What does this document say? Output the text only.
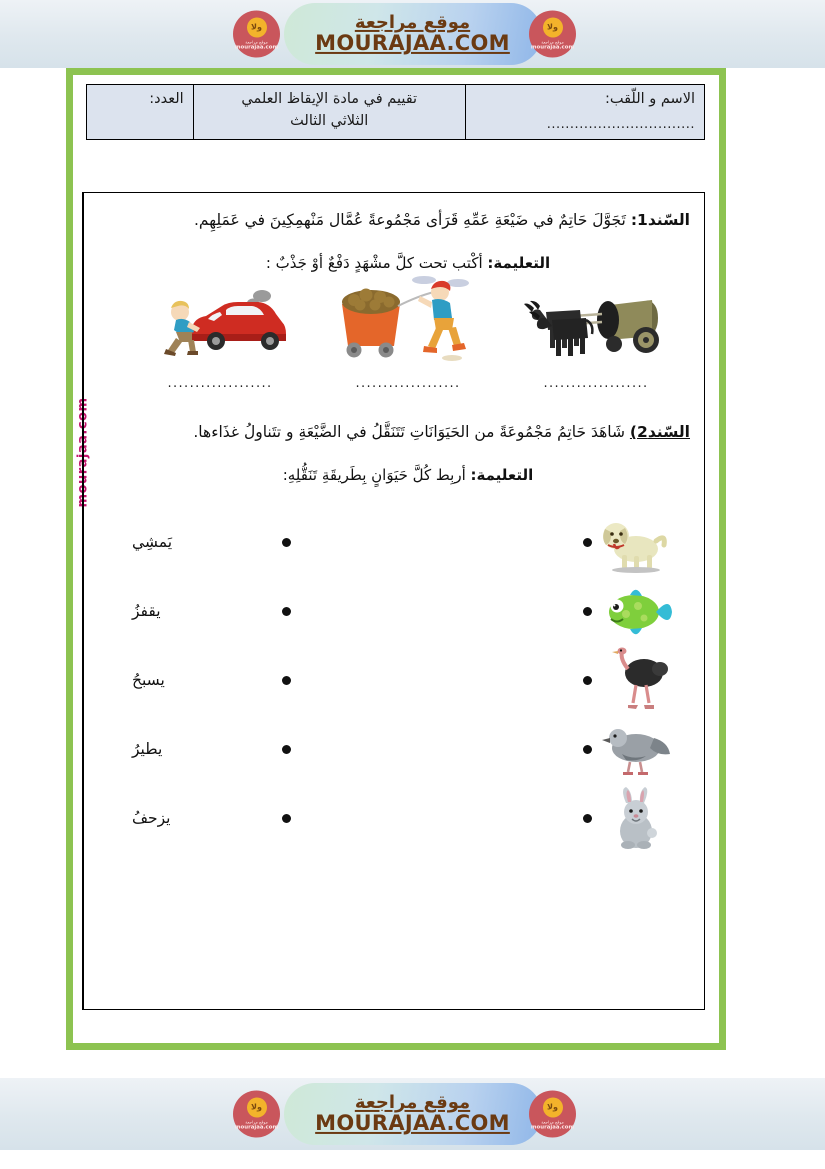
ولا
موقع مراجعة
mourajaa.com
موقع مراجعة
MOURAJAA.COM
ولا
موقع مراجعة
mourajaa.com
mourajaa.com
الاسم و اللّقب:
................................
تقييم في مادة الإيقاظ العلمي
الثلاثي الثالث
العدد:

السّند1: تَجَوَّلَ حَاتِمٌ في ضَيْعَةِ عَمِّهِ قَرَأى مَجْمُوعةً عُمَّال مَنْهمِكِينَ في عَمَلِهِم.

التعليمة: أكْتب تحت كلَّ مشْهَدٍ دَفْعٌ أوْ جَذْبٌ :

...................	...................	...................

السّند2) شَاهَدَ حَاتِمُ مَجْمُوعَةً من الحَيَوَانَاتِ تَتَنَقَّلُ في الضَّيْعَةِ و تتَناولُ غذَاءها.

التعليمة: أربِط كُلَّ حَيَوَانٍ بِطَريقَةِ تَنَقُّلِهِ:

يَمشِي
يقفزُ
يسبحُ
يطيرُ
يزحفُ
ولا
موقع مراجعة
mourajaa.com
موقع مراجعة
MOURAJAA.COM
ولا
موقع مراجعة
mourajaa.com
